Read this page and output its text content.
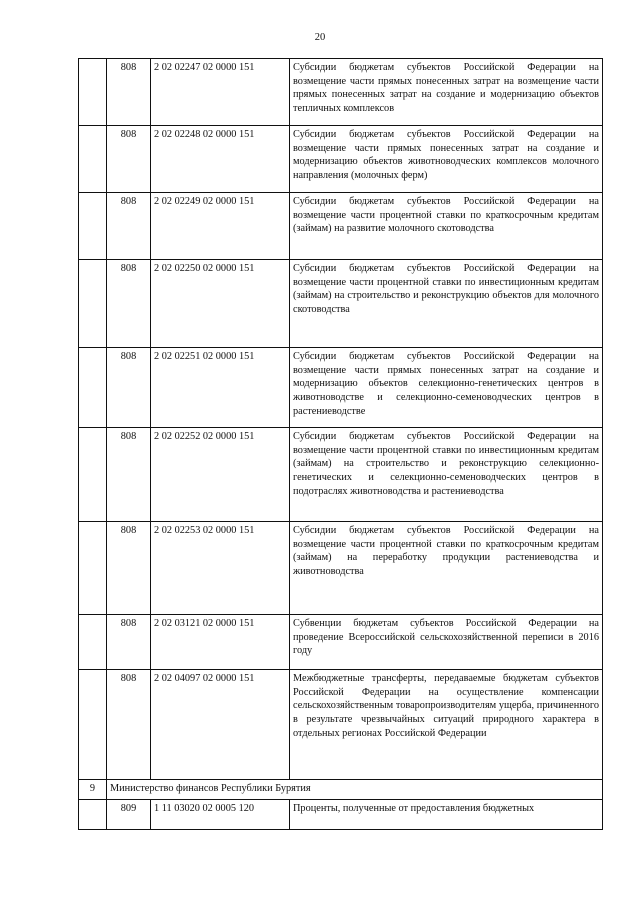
20
	808	2 02 02247 02 0000 151	Субсидии бюджетам субъектов Российской Федерации на возмещение части прямых понесенных затрат на возмещение части прямых понесенных затрат на создание и модернизацию объектов тепличных комплексов
	808	2 02 02248 02 0000 151	Субсидии бюджетам субъектов Российской Федерации на возмещение части прямых понесенных затрат на создание и модернизацию объектов животноводческих комплексов молочного направления (молочных ферм)
	808	2 02 02249 02 0000 151	Субсидии бюджетам субъектов Российской Федерации на возмещение части процентной ставки по краткосрочным кредитам (займам) на развитие молочного скотоводства
	808	2 02 02250 02 0000 151	Субсидии бюджетам субъектов Российской Федерации на возмещение части процентной ставки по инвестиционным кредитам (займам) на строительство и реконструкцию объектов для молочного скотоводства
	808	2 02 02251 02 0000 151	Субсидии бюджетам субъектов Российской Федерации на возмещение части прямых понесенных затрат на создание и модернизацию объектов селекционно-генетических центров в животноводстве и селекционно-семеноводческих центров в растениеводстве
	808	2 02 02252 02 0000 151	Субсидии бюджетам субъектов Российской Федерации на возмещение части процентной ставки по инвестиционным кредитам (займам) на строительство и реконструкцию селекционно-генетических и селекционно-семеноводческих центров в подотраслях животноводства и растениеводства
	808	2 02 02253 02 0000 151	Субсидии бюджетам субъектов Российской Федерации на возмещение части процентной ставки по краткосрочным кредитам (займам) на переработку продукции растениеводства и животноводства
	808	2 02 03121 02 0000 151	Субвенции бюджетам субъектов Российской Федерации на проведение Всероссийской сельскохозяйственной переписи в 2016 году
	808	2 02 04097 02 0000 151	Межбюджетные трансферты, передаваемые бюджетам субъектов Российской Федерации на осуществление компенсации сельскохозяйственным товаропроизводителям ущерба, причиненного в результате чрезвычайных ситуаций природного характера в отдельных регионах Российской Федерации
9	Министерство финансов Республики Бурятия		
	809	1 11 03020 02 0005 120	Проценты, полученные от предоставления бюджетных
